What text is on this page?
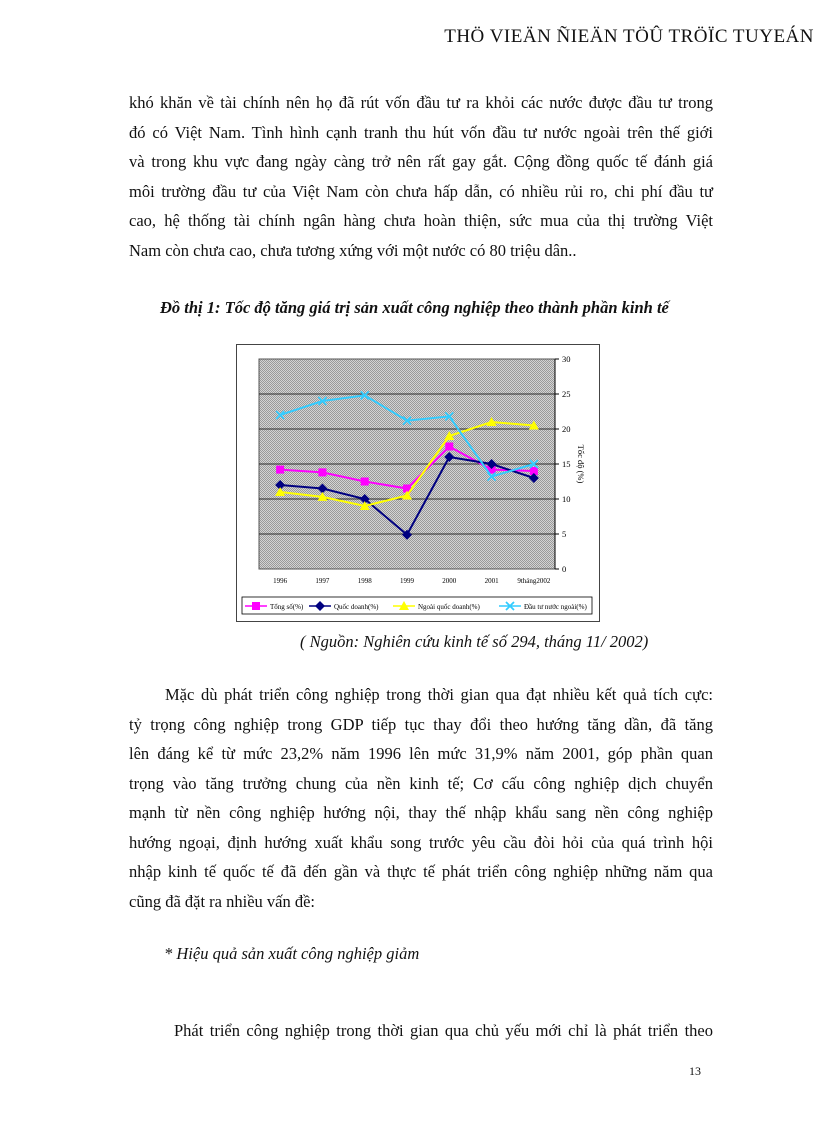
THÖ VIEÄN ÑIEÄN TÖÛ TRÖÏC TUYEÁN

khó khăn về tài chính nên họ đã rút vốn đầu tư ra khỏi các nước được đầu tư trong
đó có Việt Nam. Tình hình cạnh tranh thu hút vốn đầu tư nước ngoài trên thế giới
và trong khu vực đang ngày càng trở nên rất gay gắt. Cộng đồng quốc tế đánh giá
môi trường đầu tư của Việt Nam còn chưa hấp dẫn, có nhiều rủi ro, chi phí đầu tư
cao, hệ thống tài chính ngân hàng chưa hoàn thiện, sức mua của thị trường Việt
Nam còn chưa cao, chưa tương xứng với một nước có 80 triệu dân..

Đồ thị 1: Tốc độ tăng giá trị sản xuất công nghiệp theo thành phần kinh tế
0
5
10
15
20
25
30
Tốc độ (%)
1996	1997	1998	1999	2000	2001	9tháng2002
Tổng số(%)	Quốc doanh(%)	Ngoài quốc doanh(%)	Đầu tư nước ngoài(%)
( Nguồn: Nghiên cứu kinh tế số 294, tháng 11/ 2002)

Mặc dù phát triển công nghiệp trong thời gian qua đạt nhiều kết quả tích cực:
tỷ trọng công nghiệp trong GDP tiếp tục thay đổi theo hướng tăng dần, đã tăng
lên đáng kể từ mức 23,2% năm 1996 lên mức 31,9% năm 2001, góp phần quan
trọng vào tăng trưởng chung của nền kinh tế; Cơ cấu công nghiệp dịch chuyển
mạnh từ nền công nghiệp hướng nội, thay thế nhập khẩu sang nền công nghiệp
hướng ngoại, định hướng xuất khẩu song trước yêu cầu đòi hỏi của quá trình hội
nhập kinh tế quốc tế đã đến gần và thực tế phát triển công nghiệp những năm qua
cũng đã đặt ra nhiều vấn đề:

* Hiệu quả sản xuất công nghiệp giảm

Phát triển công nghiệp trong thời gian qua chủ yếu mới chỉ là phát triển theo

13
